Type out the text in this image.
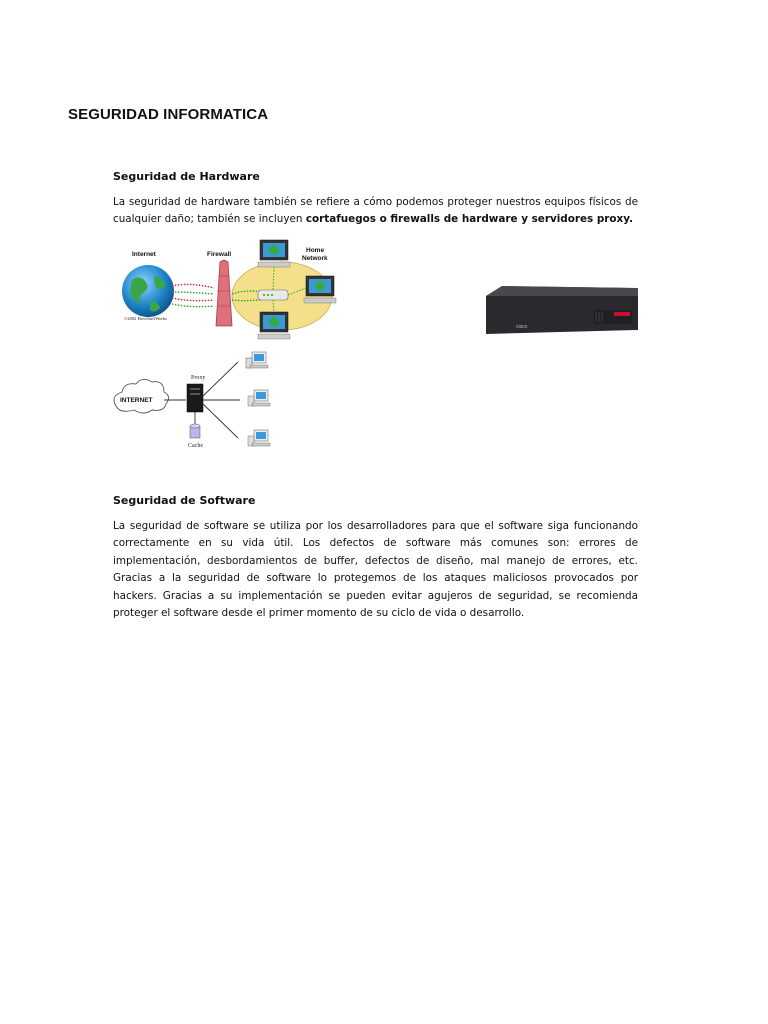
SEGURIDAD INFORMATICA
Seguridad de Hardware
La seguridad de hardware también se refiere a cómo podemos proteger nuestros equipos físicos de cualquier daño; también se incluyen cortafuegos o firewalls de hardware y servidores proxy.
Internet	Firewall
Home
Network
©2002 HowStuffWorks
INTERNET
Proxy
Cache
cisco
Seguridad de Software
La seguridad de software se utiliza por los desarrolladores para que el software siga funcionando correctamente en su vida útil. Los defectos de software más comunes son: errores de implementación, desbordamientos de buffer, defectos de diseño, mal manejo de errores, etc. Gracias a la seguridad de software lo protegemos de los ataques maliciosos provocados por hackers. Gracias a su implementación se pueden evitar agujeros de seguridad, se recomienda proteger el software desde el primer momento de su ciclo de vida o desarrollo.
